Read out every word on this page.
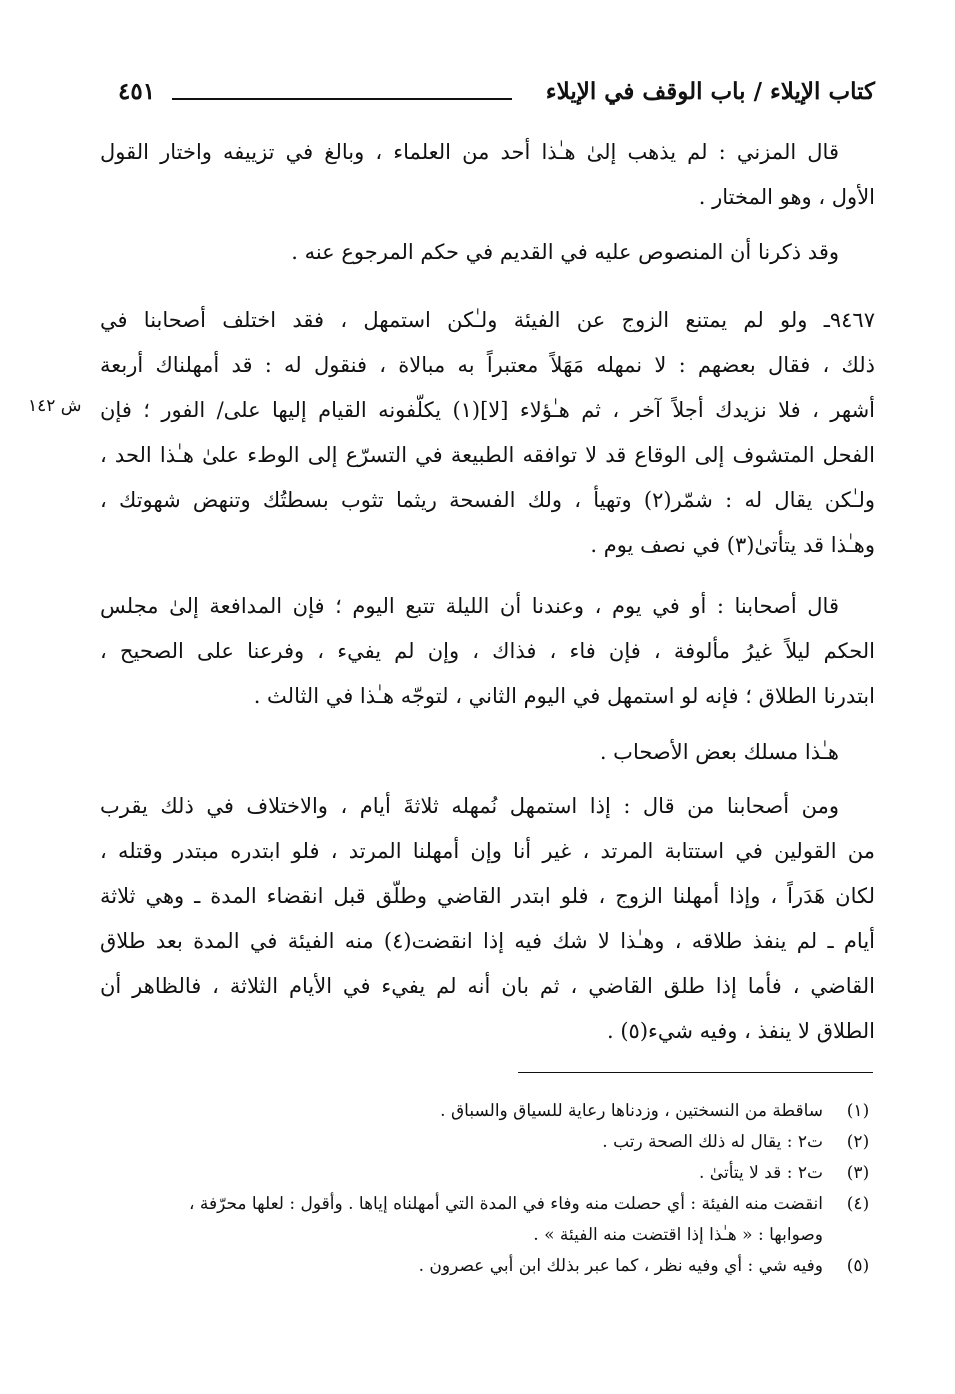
كتاب الإيلاء / باب الوقف في الإيلاء
٤٥١
ش ١٤٢
قال المزني : لم يذهب إلىٰ هـٰذا أحد من العلماء ، وبالغ في تزييفه واختار القول
الأول ، وهو المختار .
وقد ذكرنا أن المنصوص عليه في القديم في حكم المرجوع عنه .
٩٤٦٧ـ ولو لم يمتنع الزوج عن الفيئة ولـٰكن استمهل ، فقد اختلف أصحابنا في
ذلك ، فقال بعضهم : لا نمهله مَهَلاً معتبراً به مبالاة ، فنقول له : قد أمهلناك أربعة
أشهر ، فلا نزيدك أجلاً آخر ، ثم هـٰؤلاء [لا](١) يكلّفونه القيام إليها على/ الفور ؛ فإن
الفحل المتشوف إلى الوقاع قد لا توافقه الطبيعة في التسرّع إلى الوطء علىٰ هـٰذا الحد ،
ولـٰكن يقال له : شمّر(٢) وتهيأ ، ولك الفسحة ريثما تثوب بسطتُك وتنهض شهوتك ،
وهـٰذا قد يتأتىٰ(٣) في نصف يوم .
قال أصحابنا : أو في يوم ، وعندنا أن الليلة تتبع اليوم ؛ فإن المدافعة إلىٰ مجلس
الحكم ليلاً غيرُ مألوفة ، فإن فاء ، فذاك ، وإن لم يفيء ، وفرعنا على الصحيح ،
ابتدرنا الطلاق ؛ فإنه لو استمهل في اليوم الثاني ، لتوجّه هـٰذا في الثالث .
هـٰذا مسلك بعض الأصحاب .
ومن أصحابنا من قال : إذا استمهل نُمهله ثلاثةَ أيام ، والاختلاف في ذلك يقرب
من القولين في استتابة المرتد ، غير أنا وإن أمهلنا المرتد ، فلو ابتدره مبتدر وقتله ،
لكان هَدَراً ، وإذا أمهلنا الزوج ، فلو ابتدر القاضي وطلّق قبل انقضاء المدة ـ وهي ثلاثة
أيام ـ لم ينفذ طلاقه ، وهـٰذا لا شك فيه إذا انقضت(٤) منه الفيئة في المدة بعد طلاق
القاضي ، فأما إذا طلق القاضي ، ثم بان أنه لم يفيء في الأيام الثلاثة ، فالظاهر أن
الطلاق لا ينفذ ، وفيه شيء(٥) .
(١)
ساقطة من النسختين ، وزدناها رعاية للسياق والسباق .
(٢)
ت٢ : يقال له ذلك الصحة رتب .
(٣)
ت٢ : قد لا يتأتىٰ .
(٤)
انقضت منه الفيئة : أي حصلت منه وفاء في المدة التي أمهلناه إياها . وأقول : لعلها محرّفة ،
وصوابها : « هـٰذا إذا اقتضت منه الفيئة » .
(٥)
وفيه شي : أي وفيه نظر ، كما عبر بذلك ابن أبي عصرون .
